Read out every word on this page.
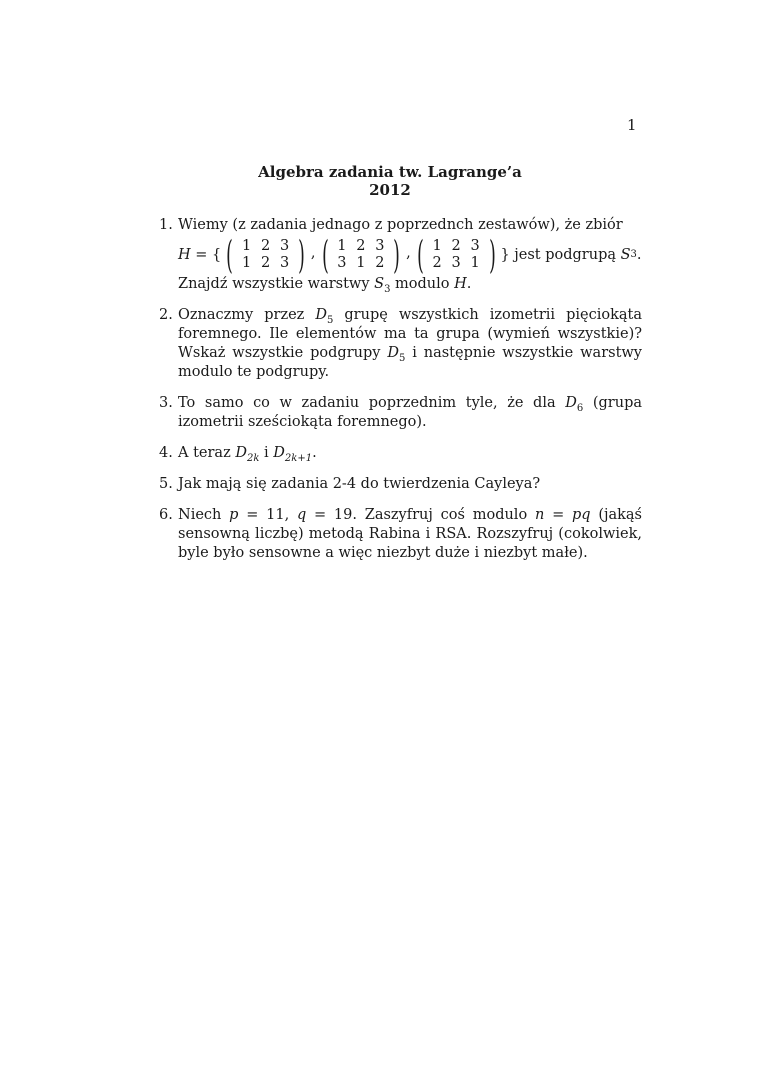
1
Algebra zadania tw. Lagrange’a
2012
1. Wiemy (z zadania jednago z poprzednch zestawów), że zbiór
H = { ( 1 2 3
1 2 3 ) , ( 1 2 3
3 1 2 ) , ( 1 2 3
2 3 1 ) } jest podgrupą S 3 .
Znajdź wszystkie warstwy $S_3$ modulo H.
2. Oznaczmy przez $D_5$ grupę wszystkich izometrii pięciokąta foremnego. Ile elementów ma ta grupa (wymień wszystkie)? Wskaż wszystkie podgrupy $D_5$ i następnie wszystkie warstwy modulo te podgrupy.
3. To samo co w zadaniu poprzednim tyle, że dla $D_6$ (grupa izometrii sześciokąta foremnego).
4. A teraz $D_{2k}$ i $D_{2k+1}$.
5. Jak mają się zadania 2-4 do twierdzenia Cayleya?
6. Niech p = 11, q = 19. Zaszyfruj coś modulo n = pq (jakąś sensowną liczbę) metodą Rabina i RSA. Rozszyfruj (cokolwiek, byle było sensowne a więc niezbyt duże i niezbyt małe).
